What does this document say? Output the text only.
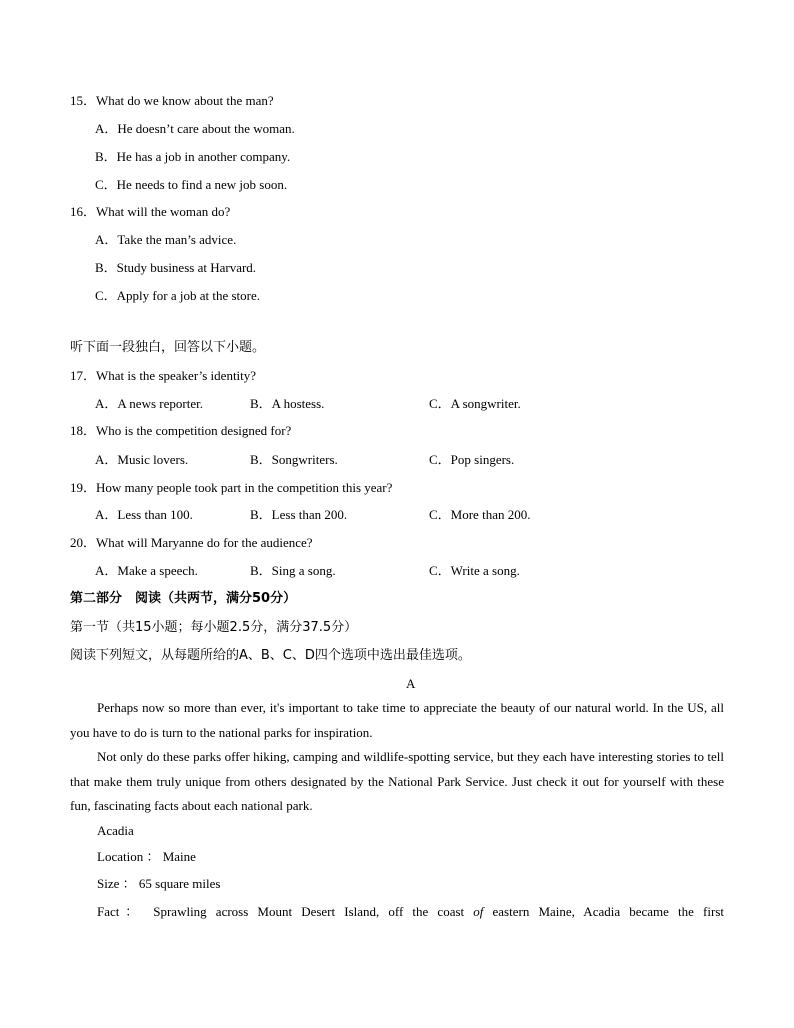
15．What do we know about the man?
A．He doesn’t care about the woman.
B．He has a job in another company.
C．He needs to find a new job soon.
16．What will the woman do?
A．Take the man’s advice.
B．Study business at Harvard.
C．Apply for a job at the store.
听下面一段独白，回答以下小题。
17．What is the speaker’s identity?
A．A news reporter.	B．A hostess.	C．A songwriter.
18．Who is the competition designed for?
A．Music lovers.	B．Songwriters.	C．Pop singers.
19．How many people took part in the competition this year?
A．Less than 100.	B．Less than 200.	C．More than 200.
20．What will Maryanne do for the audience?
A．Make a speech.	B．Sing a song.	C．Write a song.
第二部分　阅读（共两节，满分50分）
第一节（共15小题；每小题2.5分，满分37.5分）
阅读下列短文，从每题所给的A、B、C、D四个选项中选出最佳选项。
A

Perhaps now so more than ever, it's important to take time to appreciate the beauty of our natural world. In the US, all you have to do is turn to the national parks for inspiration.

Not only do these parks offer hiking, camping and wildlife-spotting service, but they each have interesting stories to tell that make them truly unique from others designated by the National Park Service. Just check it out for yourself with these fun, fascinating facts about each national park.

Acadia
Location ： Maine
Size ： 65 square miles
Fact： Sprawling across Mount Desert Island, off the coast of eastern Maine, Acadia became the first
